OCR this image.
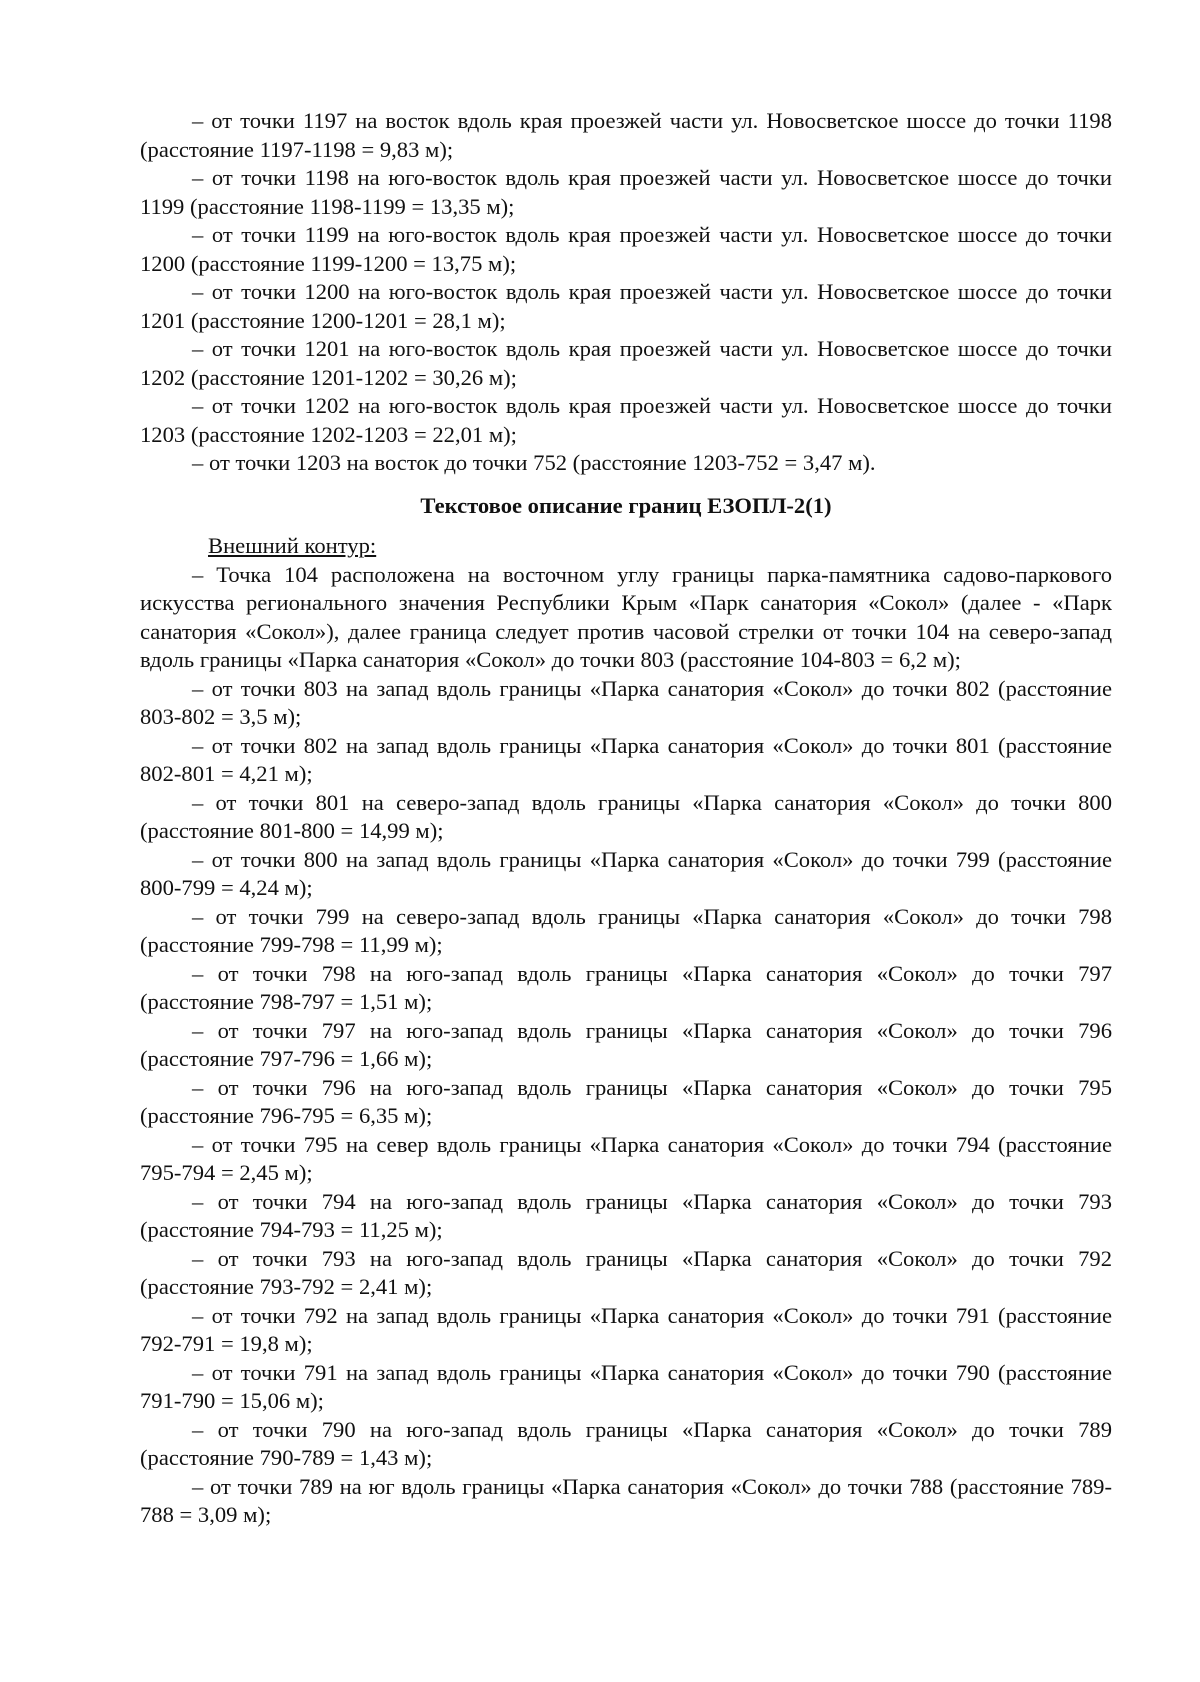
– от точки 1197 на восток вдоль края проезжей части ул. Новосветское шоссе до точки 1198 (расстояние 1197-1198 = 9,83 м);

– от точки 1198 на юго-восток вдоль края проезжей части ул. Новосветское шоссе до точки 1199 (расстояние 1198-1199 = 13,35 м);

– от точки 1199 на юго-восток вдоль края проезжей части ул. Новосветское шоссе до точки 1200 (расстояние 1199-1200 = 13,75 м);

– от точки 1200 на юго-восток вдоль края проезжей части ул. Новосветское шоссе до точки 1201 (расстояние 1200-1201 = 28,1 м);

– от точки 1201 на юго-восток вдоль края проезжей части ул. Новосветское шоссе до точки 1202 (расстояние 1201-1202 = 30,26 м);

– от точки 1202 на юго-восток вдоль края проезжей части ул. Новосветское шоссе до точки 1203 (расстояние 1202-1203 = 22,01 м);

– от точки 1203 на восток до точки 752 (расстояние 1203-752 = 3,47 м).

Текстовое описание границ ЕЗОПЛ-2(1)

Внешний контур:

– Точка 104 расположена на восточном углу границы парка-памятника садово-паркового искусства регионального значения Республики Крым «Парк санатория «Сокол» (далее - «Парк санатория «Сокол»), далее граница следует против часовой стрелки от точки 104 на северо-запад вдоль границы «Парка санатория «Сокол» до точки 803 (расстояние 104-803 = 6,2 м);

– от точки 803 на запад вдоль границы «Парка санатория «Сокол» до точки 802 (расстояние 803-802 = 3,5 м);

– от точки 802 на запад вдоль границы «Парка санатория «Сокол» до точки 801 (расстояние 802-801 = 4,21 м);

– от точки 801 на северо-запад вдоль границы «Парка санатория «Сокол» до точки 800 (расстояние 801-800 = 14,99 м);

– от точки 800 на запад вдоль границы «Парка санатория «Сокол» до точки 799 (расстояние 800-799 = 4,24 м);

– от точки 799 на северо-запад вдоль границы «Парка санатория «Сокол» до точки 798 (расстояние 799-798 = 11,99 м);

– от точки 798 на юго-запад вдоль границы «Парка санатория «Сокол» до точки 797 (расстояние 798-797 = 1,51 м);

– от точки 797 на юго-запад вдоль границы «Парка санатория «Сокол» до точки 796 (расстояние 797-796 = 1,66 м);

– от точки 796 на юго-запад вдоль границы «Парка санатория «Сокол» до точки 795 (расстояние 796-795 = 6,35 м);

– от точки 795 на север вдоль границы «Парка санатория «Сокол» до точки 794 (расстояние 795-794 = 2,45 м);

– от точки 794 на юго-запад вдоль границы «Парка санатория «Сокол» до точки 793 (расстояние 794-793 = 11,25 м);

– от точки 793 на юго-запад вдоль границы «Парка санатория «Сокол» до точки 792 (расстояние 793-792 = 2,41 м);

– от точки 792 на запад вдоль границы «Парка санатория «Сокол» до точки 791 (расстояние 792-791 = 19,8 м);

– от точки 791 на запад вдоль границы «Парка санатория «Сокол» до точки 790 (расстояние 791-790 = 15,06 м);

– от точки 790 на юго-запад вдоль границы «Парка санатория «Сокол» до точки 789 (расстояние 790-789 = 1,43 м);

– от точки 789 на юг вдоль границы «Парка санатория «Сокол» до точки 788 (расстояние 789-788 = 3,09 м);
